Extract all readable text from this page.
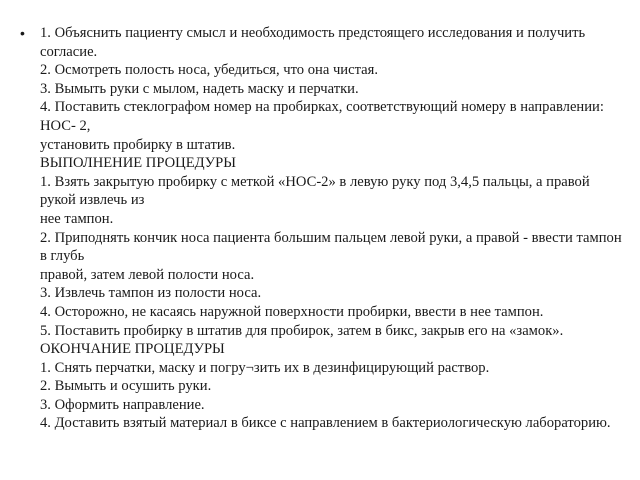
•	1. Объяснить пациенту смысл и необходимость предстоящего исследования и получить согласие.
2. Осмотреть полость носа, убедиться, что она чистая.
3. Вымыть руки с мылом, надеть маску и перчатки.
4. Поставить стеклографом номер на пробирках, соответствующий номеру в направлении: НОС- 2,
установить пробирку в штатив.
ВЫПОЛНЕНИЕ ПРОЦЕДУРЫ
1. Взять закрытую пробирку с меткой «НОС-2» в левую руку под 3,4,5 пальцы, а правой рукой извлечь из
нее тампон.
2. Приподнять кончик носа пациента большим пальцем левой руки, а правой - ввести тампон в глубь
правой, затем левой полости носа.
3. Извлечь тампон из полости носа.
4. Осторожно, не касаясь наружной поверхности пробирки, ввести в нее тампон.
5. Поставить пробирку в штатив для пробирок, затем в бикс, закрыв его на «замок».
ОКОНЧАНИЕ ПРОЦЕДУРЫ
1. Снять перчатки, маску и погру¬зить их в дезинфицирующий раствор.
2. Вымыть и осушить руки.
3. Оформить направление.
4. Доставить взятый материал в биксе с направлением в бактериологическую лабораторию.
